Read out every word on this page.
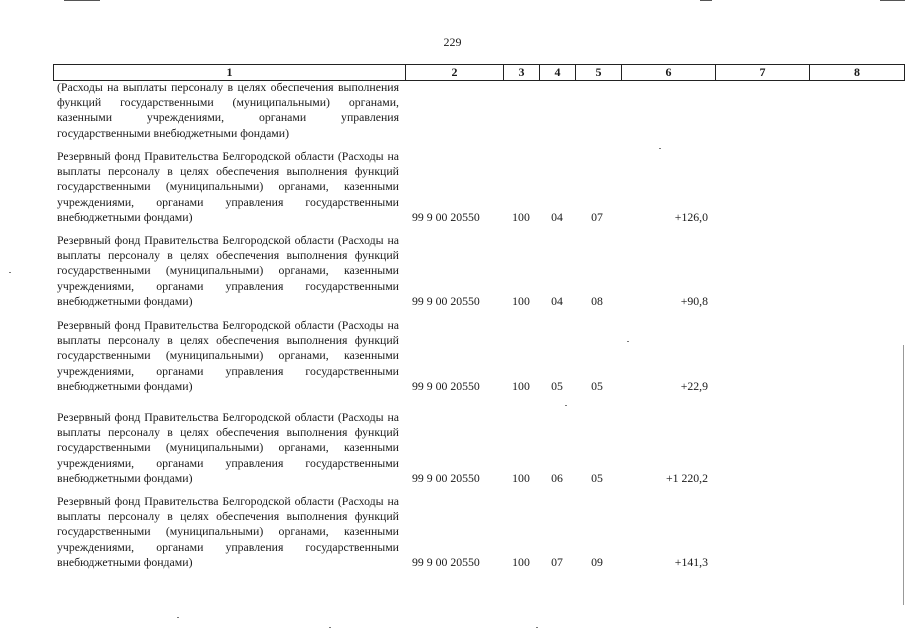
229
1	2	3	4	5	6	7	8

(Расходы на выплаты персоналу в целях обеспечения выполнения функций государственными (муниципальными) органами, казенными учреждениями, органами управления государственными внебюджетными фондами)

Резервный фонд Правительства Белгородской области (Расходы на выплаты персоналу в целях обеспечения выполнения функций государственными (муниципальными) органами, казенными учреждениями, органами управления государственными внебюджетными фондами)	99 9 00 20550	100	04	07	+126,0

Резервный фонд Правительства Белгородской области (Расходы на выплаты персоналу в целях обеспечения выполнения функций государственными (муниципальными) органами, казенными учреждениями, органами управления государственными внебюджетными фондами)	99 9 00 20550	100	04	08	+90,8

Резервный фонд Правительства Белгородской области (Расходы на выплаты персоналу в целях обеспечения выполнения функций государственными (муниципальными) органами, казенными учреждениями, органами управления государственными внебюджетными фондами)	99 9 00 20550	100	05	05	+22,9

Резервный фонд Правительства Белгородской области (Расходы на выплаты персоналу в целях обеспечения выполнения функций государственными (муниципальными) органами, казенными учреждениями, органами управления государственными внебюджетными фондами)	99 9 00 20550	100	06	05	+1 220,2

Резервный фонд Правительства Белгородской области (Расходы на выплаты персоналу в целях обеспечения выполнения функций государственными (муниципальными) органами, казенными учреждениями, органами управления государственными внебюджетными фондами)	99 9 00 20550	100	07	09	+141,3
